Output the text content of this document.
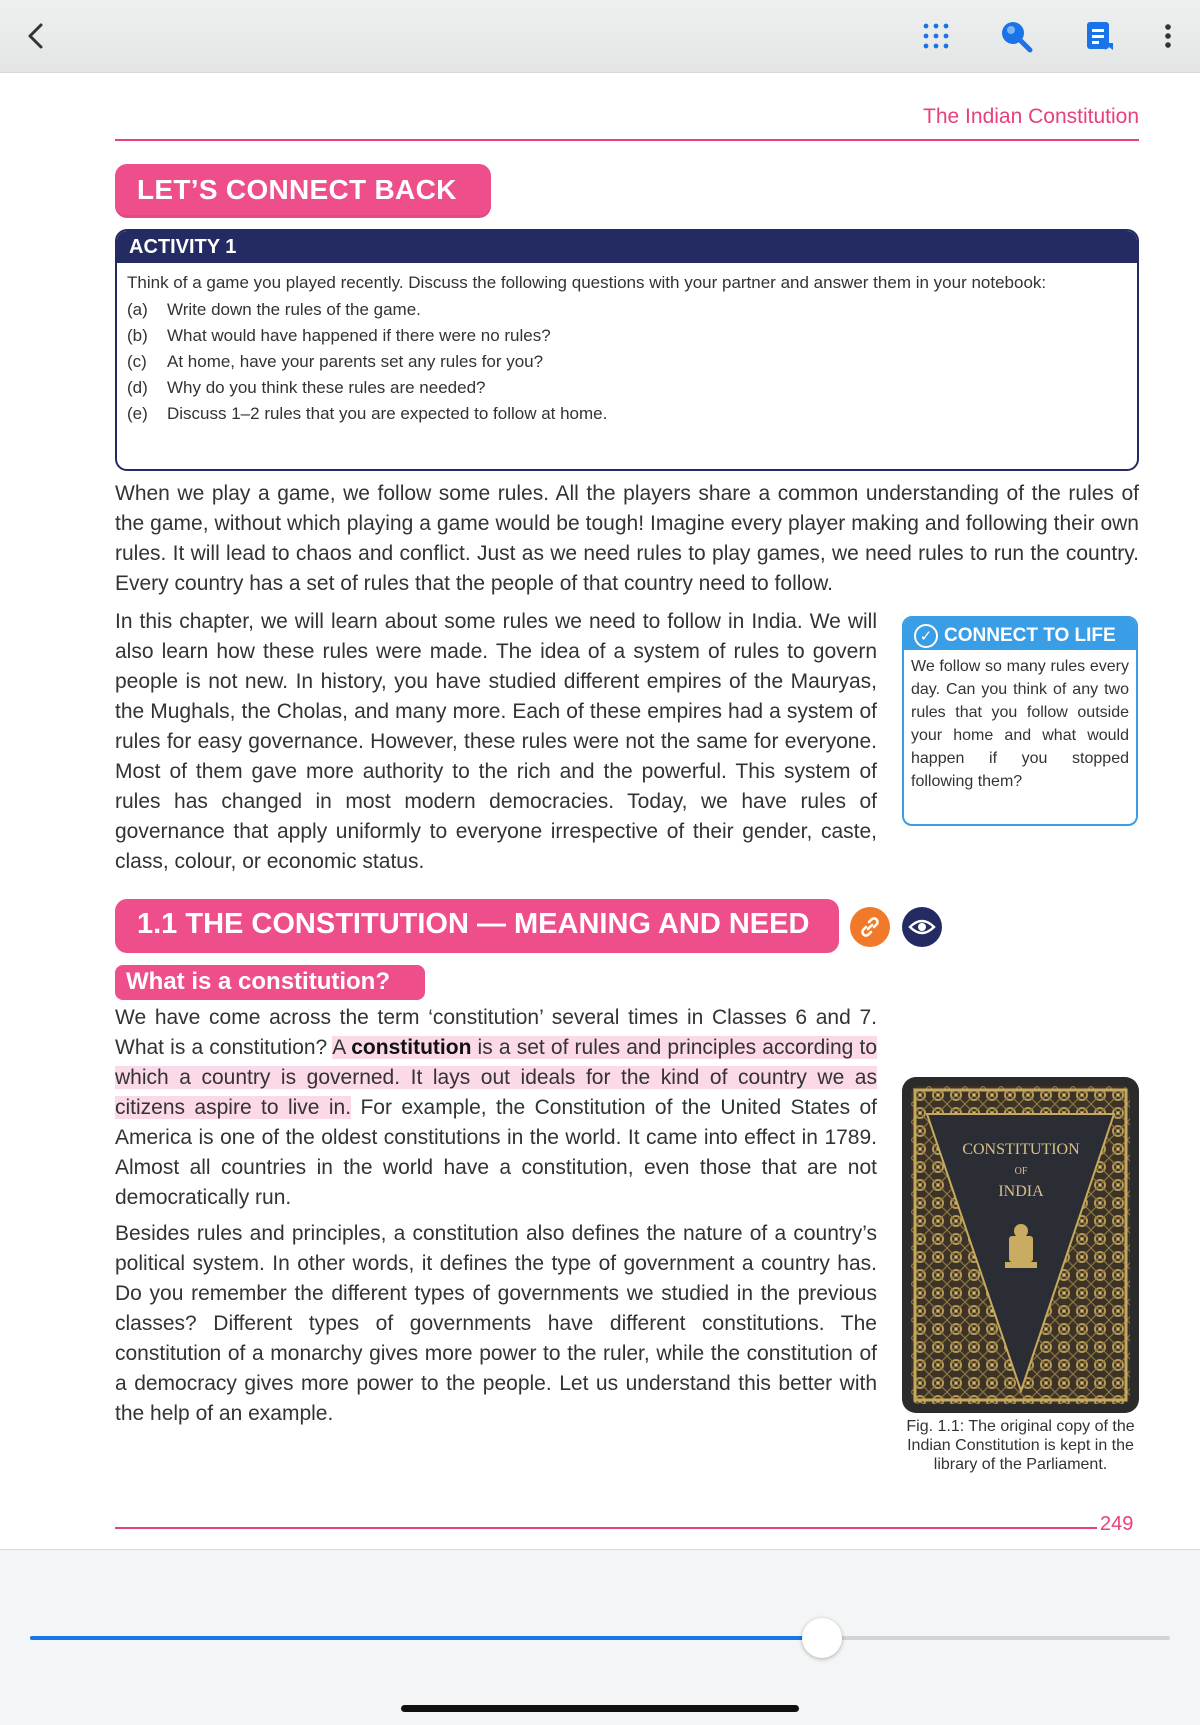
The Indian Constitution
LET’S CONNECT BACK
ACTIVITY 1
Think of a game you played recently. Discuss the following questions with your partner and answer them in your notebook:
(a)	Write down the rules of the game.
(b)	What would have happened if there were no rules?
(c)	At home, have your parents set any rules for you?
(d)	Why do you think these rules are needed?
(e)	Discuss 1–2 rules that you are expected to follow at home.
When we play a game, we follow some rules. All the players share a common understanding of the rules of the game, without which playing a game would be tough! Imagine every player making and following their own rules. It will lead to chaos and conflict. Just as we need rules to play games, we need rules to run the country. Every country has a set of rules that the people of that country need to follow.
In this chapter, we will learn about some rules we need to follow in India. We will also learn how these rules were made. The idea of a system of rules to govern people is not new. In history, you have studied different empires of the Mauryas, the Mughals, the Cholas, and many more. Each of these empires had a system of rules for easy governance. However, these rules were not the same for everyone. Most of them gave more authority to the rich and the powerful. This system of rules has changed in most modern democracies. Today, we have rules of governance that apply uniformly to everyone irrespective of their gender, caste, class, colour, or economic status.
✓ CONNECT TO LIFE
We follow so many rules every day. Can you think of any two rules that you follow outside your home and what would happen if you stopped following them?
1.1 THE CONSTITUTION — MEANING AND NEED
What is a constitution?
We have come across the term ‘constitution’ several times in Classes 6 and 7. What is a constitution? A constitution is a set of rules and principles according to which a country is governed. It lays out ideals for the kind of country we as citizens aspire to live in. For example, the Constitution of the United States of America is one of the oldest constitutions in the world. It came into effect in 1789. Almost all countries in the world have a constitution, even those that are not democratically run.
Besides rules and principles, a constitution also defines the nature of a country’s political system. In other words, it defines the type of government a country has. Do you remember the different types of governments we studied in the previous classes? Different types of governments have different constitutions. The constitution of a monarchy gives more power to the ruler, while the constitution of a democracy gives more power to the people. Let us understand this better with the help of an example.
CONSTITUTION
OF
INDIA
Fig. 1.1: The original copy of the Indian Constitution is kept in the library of the Parliament.
249
